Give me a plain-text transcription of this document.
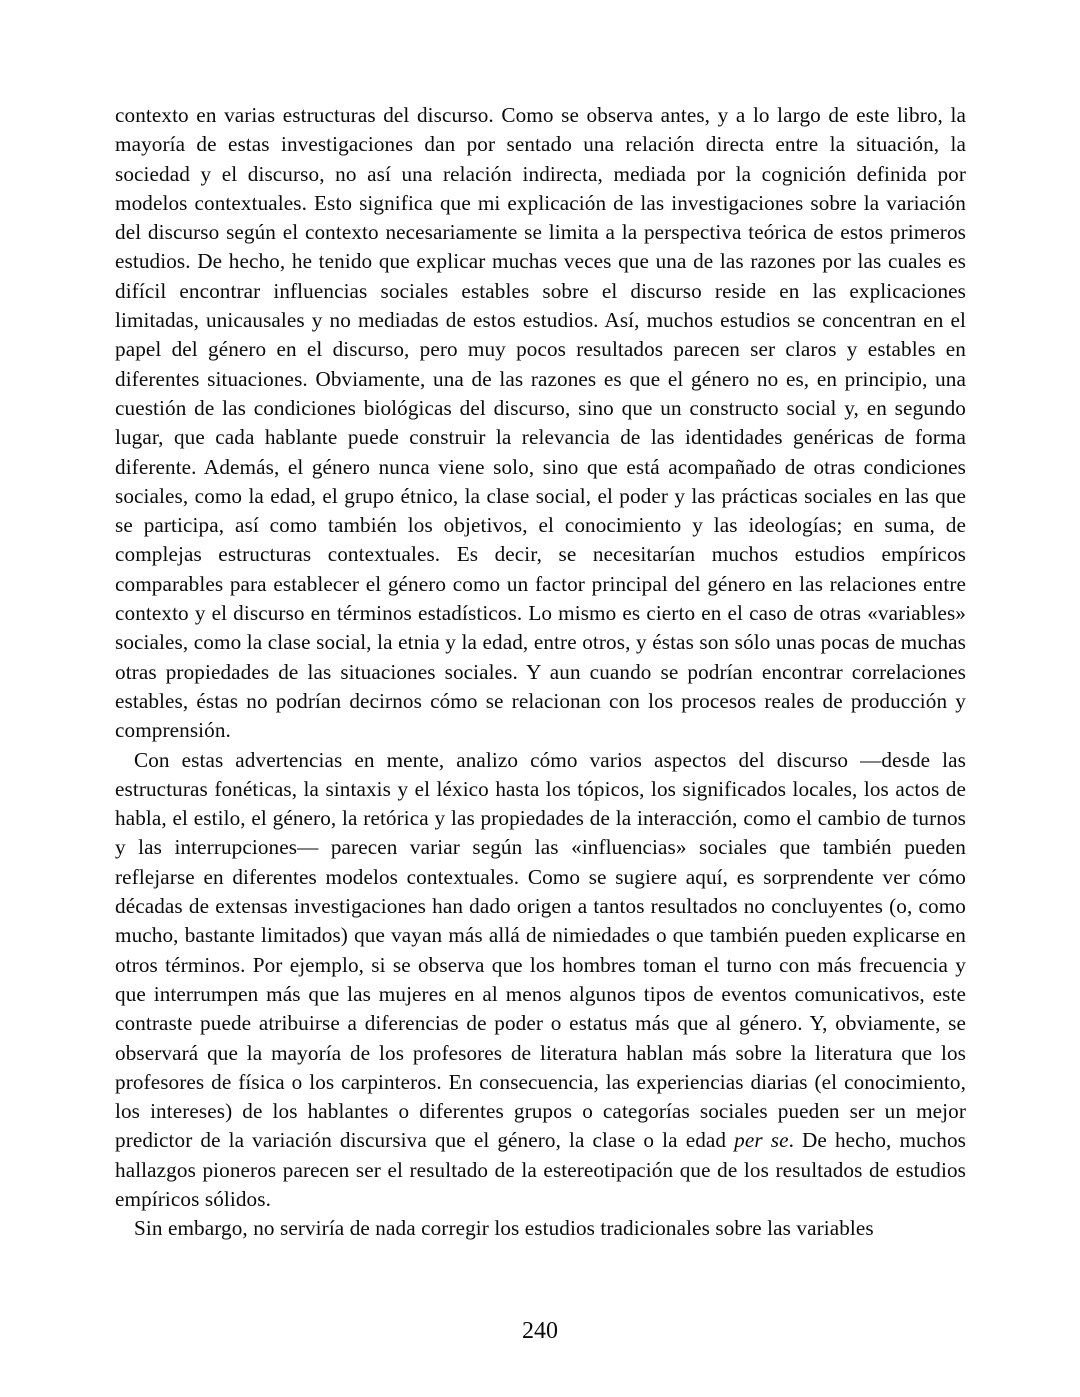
contexto en varias estructuras del discurso. Como se observa antes, y a lo largo de este libro, la mayoría de estas investigaciones dan por sentado una relación directa entre la situación, la sociedad y el discurso, no así una relación indirecta, mediada por la cognición definida por modelos contextuales. Esto significa que mi explicación de las investigaciones sobre la variación del discurso según el contexto necesariamente se limita a la perspectiva teórica de estos primeros estudios. De hecho, he tenido que explicar muchas veces que una de las razones por las cuales es difícil encontrar influencias sociales estables sobre el discurso reside en las explicaciones limitadas, unicausales y no mediadas de estos estudios. Así, muchos estudios se concentran en el papel del género en el discurso, pero muy pocos resultados parecen ser claros y estables en diferentes situaciones. Obviamente, una de las razones es que el género no es, en principio, una cuestión de las condiciones biológicas del discurso, sino que un constructo social y, en segundo lugar, que cada hablante puede construir la relevancia de las identidades genéricas de forma diferente. Además, el género nunca viene solo, sino que está acompañado de otras condiciones sociales, como la edad, el grupo étnico, la clase social, el poder y las prácticas sociales en las que se participa, así como también los objetivos, el conocimiento y las ideologías; en suma, de complejas estructuras contextuales. Es decir, se necesitarían muchos estudios empíricos comparables para establecer el género como un factor principal del género en las relaciones entre contexto y el discurso en términos estadísticos. Lo mismo es cierto en el caso de otras «variables» sociales, como la clase social, la etnia y la edad, entre otros, y éstas son sólo unas pocas de muchas otras propiedades de las situaciones sociales. Y aun cuando se podrían encontrar correlaciones estables, éstas no podrían decirnos cómo se relacionan con los procesos reales de producción y comprensión.

Con estas advertencias en mente, analizo cómo varios aspectos del discurso —desde las estructuras fonéticas, la sintaxis y el léxico hasta los tópicos, los significados locales, los actos de habla, el estilo, el género, la retórica y las propiedades de la interacción, como el cambio de turnos y las interrupciones— parecen variar según las «influencias» sociales que también pueden reflejarse en diferentes modelos contextuales. Como se sugiere aquí, es sorprendente ver cómo décadas de extensas investigaciones han dado origen a tantos resultados no concluyentes (o, como mucho, bastante limitados) que vayan más allá de nimiedades o que también pueden explicarse en otros términos. Por ejemplo, si se observa que los hombres toman el turno con más frecuencia y que interrumpen más que las mujeres en al menos algunos tipos de eventos comunicativos, este contraste puede atribuirse a diferencias de poder o estatus más que al género. Y, obviamente, se observará que la mayoría de los profesores de literatura hablan más sobre la literatura que los profesores de física o los carpinteros. En consecuencia, las experiencias diarias (el conocimiento, los intereses) de los hablantes o diferentes grupos o categorías sociales pueden ser un mejor predictor de la variación discursiva que el género, la clase o la edad per se. De hecho, muchos hallazgos pioneros parecen ser el resultado de la estereotipación que de los resultados de estudios empíricos sólidos.

Sin embargo, no serviría de nada corregir los estudios tradicionales sobre las variables

240
